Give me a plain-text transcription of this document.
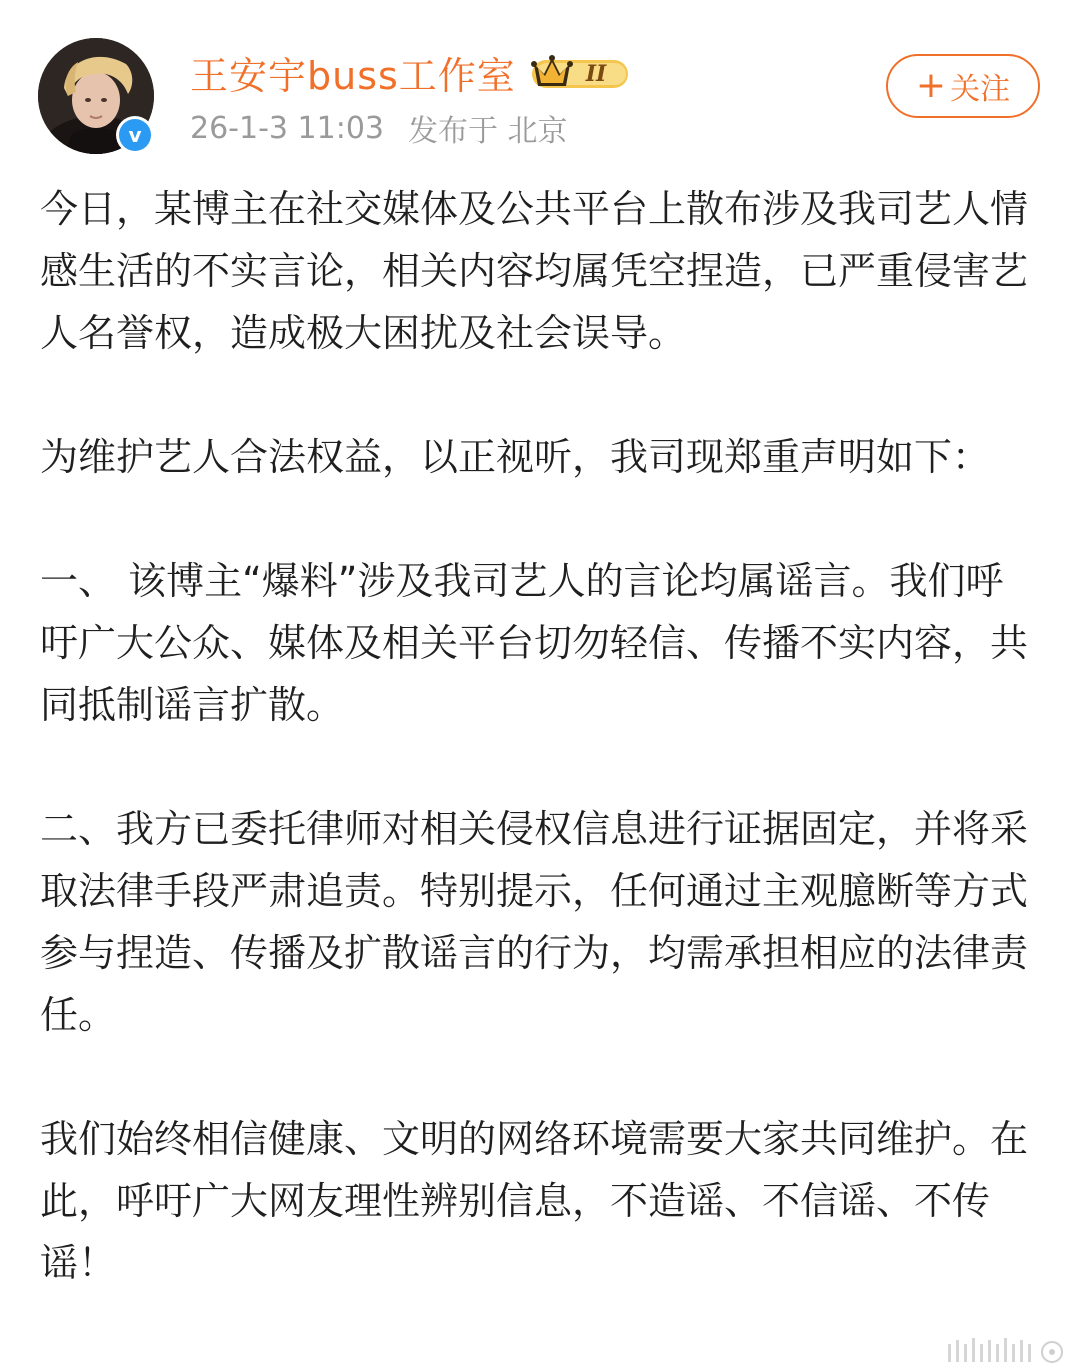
v
王安宇buss工作室	II
26-1-3 11:03 发布于 北京
+ 关注

今日，某博主在社交媒体及公共平台上散布涉及我司艺人情感生活的不实言论，相关内容均属凭空捏造，已严重侵害艺人名誉权，造成极大困扰及社会误导。

为维护艺人合法权益，以正视听，我司现郑重声明如下：

一、 该博主“爆料”涉及我司艺人的言论均属谣言。我们呼吁广大公众、媒体及相关平台切勿轻信、传播不实内容，共同抵制谣言扩散。

二、我方已委托律师对相关侵权信息进行证据固定，并将采取法律手段严肃追责。特别提示，任何通过主观臆断等方式参与捏造、传播及扩散谣言的行为，均需承担相应的法律责任。

我们始终相信健康、文明的网络环境需要大家共同维护。在此，呼吁广大网友理性辨别信息，不造谣、不信谣、不传谣！
